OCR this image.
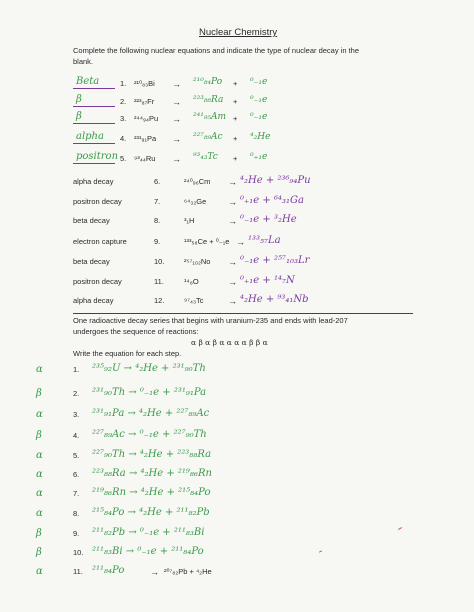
Nuclear Chemistry
Complete the following nuclear equations and indicate the type of nuclear decay in the
blank.
Beta	1. ²¹⁰₈₃Bi → ²¹⁰₈₄Po + ⁰₋₁e
β	2. ²²³₈₇Fr → ²²³₈₈Ra + ⁰₋₁e
β	3. ²⁴⁴₉₄Pu → ²⁴¹₉₅Am + ⁰₋₁e
alpha 4. ²³¹₉₁Pa → ²²⁷₈₉Ac + ⁴₂He
positron 5. ⁹³₄₄Ru → ⁹³₄₃Tc + ⁰₊₁e
alpha decay	6.	²⁴⁰₉₆Cm → ⁴₂He + ²³⁶₉₄Pu
positron decay	7.	⁶⁴₃₂Ge → ⁰₊₁e + ⁶⁴₃₁Ga
beta decay	8.	³₁H	→ ⁰₋₁e + ³₂He
electron capture	9.	¹³³₅₈Ce + ⁰₋₁e → ¹³³₅₇La
beta decay	10.	²⁵⁷₁₀₂No → ⁰₋₁e + ²⁵⁷₁₀₃Lr
positron decay	11.	¹⁴₈O	→ ⁰₊₁e + ¹⁴₇N
alpha decay	12.	⁹⁷₄₃Tc	→ ⁴₂He + ⁹³₄₁Nb
One radioactive decay series that begins with uranium-235 and ends with lead-207
undergoes the sequence of reactions:
α β α β α α α α β β α
Write the equation for each step.
α	1. ²³⁵₉₂U → ⁴₂He + ²³¹₉₀Th
β	2. ²³¹₉₀Th → ⁰₋₁e + ²³¹₉₁Pa
α	3. ²³¹₉₁Pa → ⁴₂He + ²²⁷₈₉Ac
β	4. ²²⁷₈₉Ac → ⁰₋₁e + ²²⁷₉₀Th
α	5. ²²⁷₉₀Th → ⁴₂He + ²²³₈₈Ra
α	6. ²²³₈₈Ra → ⁴₂He + ²¹⁹₈₆Rn
α	7. ²¹⁹₈₆Rn → ⁴₂He + ²¹⁵₈₄Po
α	8. ²¹⁵₈₄Po → ⁴₂He + ²¹¹₈₂Pb
β	9. ²¹¹₈₂Pb → ⁰₋₁e + ²¹¹₈₃Bi
β	10. ²¹¹₈₃Bi → ⁰₋₁e + ²¹¹₈₄Po
α	11. ²¹¹₈₄Po	→ ²⁰⁷₈₂Pb + ⁴₂He
